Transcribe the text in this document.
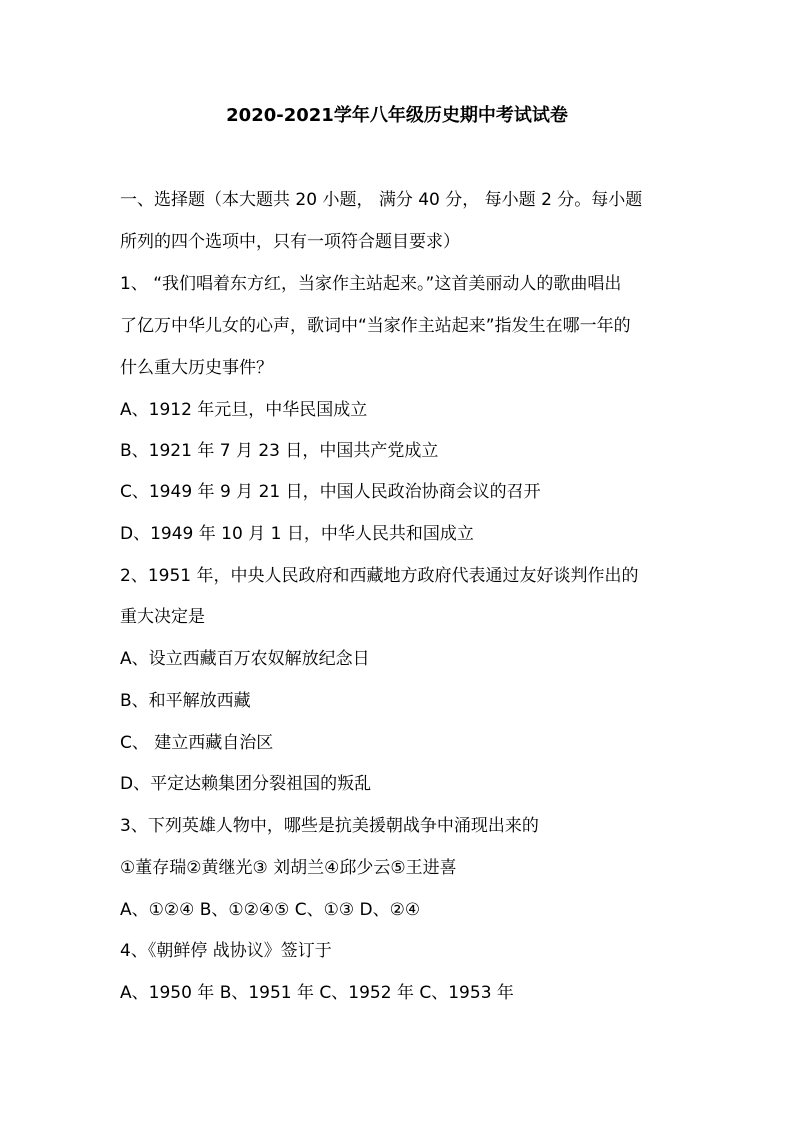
2020-2021学年八年级历史期中考试试卷
一、选择题（本大题共 20 小题， 满分 40 分， 每小题 2 分。每小题
所列的四个选项中，只有一项符合题目要求）
1、 “我们唱着东方红，当家作主站起来。”这首美丽动人的歌曲唱出
了亿万中华儿女的心声，歌词中“当家作主站起来”指发生在哪一年的
什么重大历史事件？
A、1912 年元旦，中华民国成立
B、1921 年 7 月 23 日，中国共产党成立
C、1949 年 9 月 21 日，中国人民政治协商会议的召开
D、1949 年 10 月 1 日，中华人民共和国成立
2、1951 年，中央人民政府和西藏地方政府代表通过友好谈判作出的
重大决定是
A、设立西藏百万农奴解放纪念日
B、和平解放西藏
C、 建立西藏自治区
D、平定达赖集团分裂祖国的叛乱
3、下列英雄人物中，哪些是抗美援朝战争中涌现出来的
①董存瑞②黄继光③ 刘胡兰④邱少云⑤王进喜
A、①②④ B、①②④⑤ C、①③ D、②④
4、《朝鲜停 战协议》签订于
A、1950 年 B、1951 年 C、1952 年 C、1953 年
